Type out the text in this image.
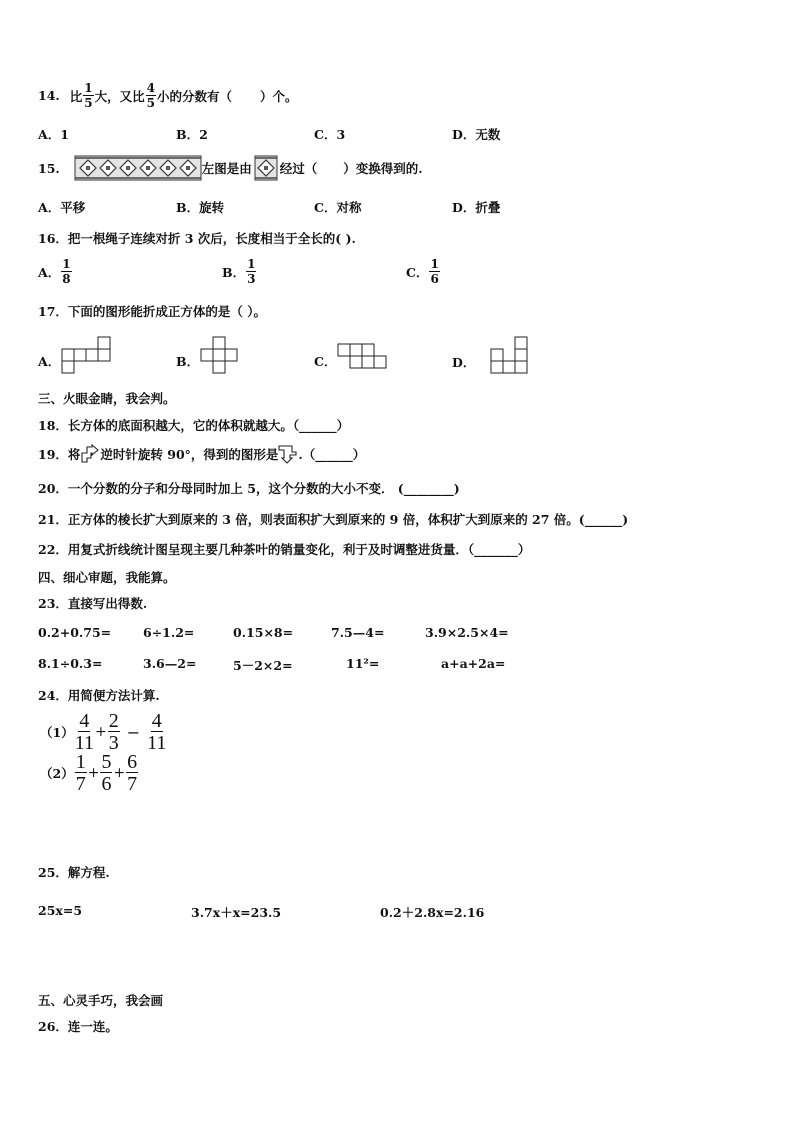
14. 比 $\frac{1}{5}$ 大，又比 $\frac{4}{5}$ 小的分数有（ ）个。
A．1	B．2	C．3	D．无数
15.	左图是由 经过（ ）变换得到的.
A．平移	B．旋转	C．对称	D．折叠
16．把一根绳子连续对折 3 次后，长度相当于全长的( ).
A． $\frac{1}{8}$	B． $\frac{1}{3}$	C． $\frac{1}{6}$
17．下面的图形能折成正方体的是（ ）。
A．	B．	C．	D．
三、火眼金睛，我会判。
18．长方体的底面积越大，它的体积就越大。（______）
19．将 逆时针旋转 90°，得到的图形是 .（______）
20．一个分数的分子和分母同时加上 5，这个分数的大小不变． (________)
21．正方体的棱长扩大到原来的 3 倍，则表面积扩大到原来的 9 倍，体积扩大到原来的 27 倍。(______)
22．用复式折线统计图呈现主要几种茶叶的销量变化，利于及时调整进货量．（_______）
四、细心审题，我能算。
23．直接写出得数.
0.2+0.75=	6÷1.2=	0.15×8=	7.5—4=	3.9×2.5×4=
8.1÷0.3=	3.6—2=	5－2×2=	11²=	a+a+2a=
24．用简便方法计算.
$(1) \frac{4}{11} + \frac{2}{3} - \frac{4}{11}$
$(2) \frac{1}{7} + \frac{5}{6} + \frac{6}{7}$
25．解方程.
25x=5	3.7x＋x=23.5	0.2＋2.8x=2.16
五、心灵手巧，我会画
26．连一连。
